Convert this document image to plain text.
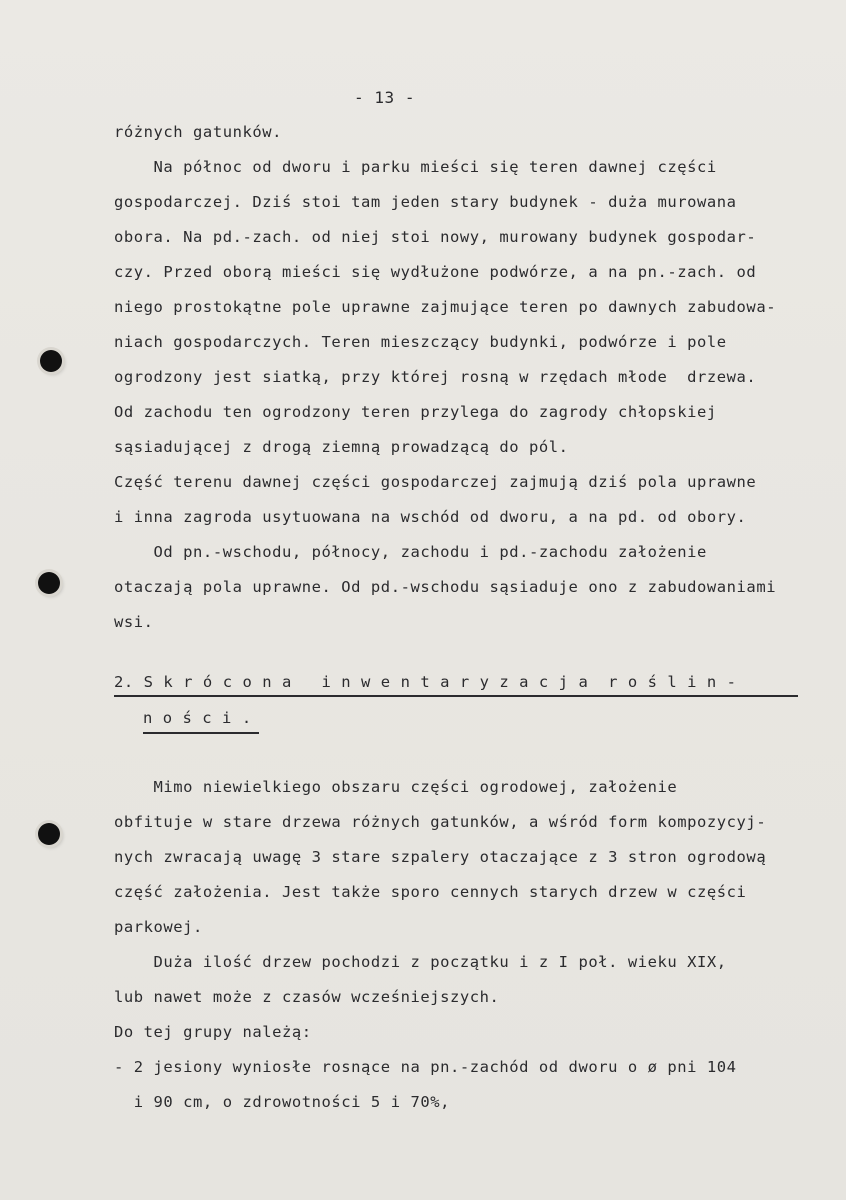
- 13 -
różnych gatunków.
Na północ od dworu i parku mieści się teren dawnej części
gospodarczej. Dziś stoi tam jeden stary budynek - duża murowana
obora. Na pd.-zach. od niej stoi nowy, murowany budynek gospodar-
czy. Przed oborą mieści się wydłużone podwórze, a na pn.-zach. od
niego prostokątne pole uprawne zajmujące teren po dawnych zabudowa-
niach gospodarczych. Teren mieszczący budynki, podwórze i pole
ogrodzony jest siatką, przy której rosną w rzędach młode  drzewa.
Od zachodu ten ogrodzony teren przylega do zagrody chłopskiej
sąsiadującej z drogą ziemną prowadzącą do pól.
Część terenu dawnej części gospodarczej zajmują dziś pola uprawne
i inna zagroda usytuowana na wschód od dworu, a na pd. od obory.
Od pn.-wschodu, północy, zachodu i pd.-zachodu założenie
otaczają pola uprawne. Od pd.-wschodu sąsiaduje ono z zabudowaniami
wsi.
2. S k r ó c o n a   i n w e n t a r y z a c j a  r o ś l i n -
n o ś c i .
Mimo niewielkiego obszaru części ogrodowej, założenie
obfituje w stare drzewa różnych gatunków, a wśród form kompozycyj-
nych zwracają uwagę 3 stare szpalery otaczające z 3 stron ogrodową
część założenia. Jest także sporo cennych starych drzew w części
parkowej.
Duża ilość drzew pochodzi z początku i z I poł. wieku XIX,
lub nawet może z czasów wcześniejszych.
Do tej grupy należą:
- 2 jesiony wyniosłe rosnące na pn.-zachód od dworu o ø pni 104
i 90 cm, o zdrowotności 5 i 70%,
